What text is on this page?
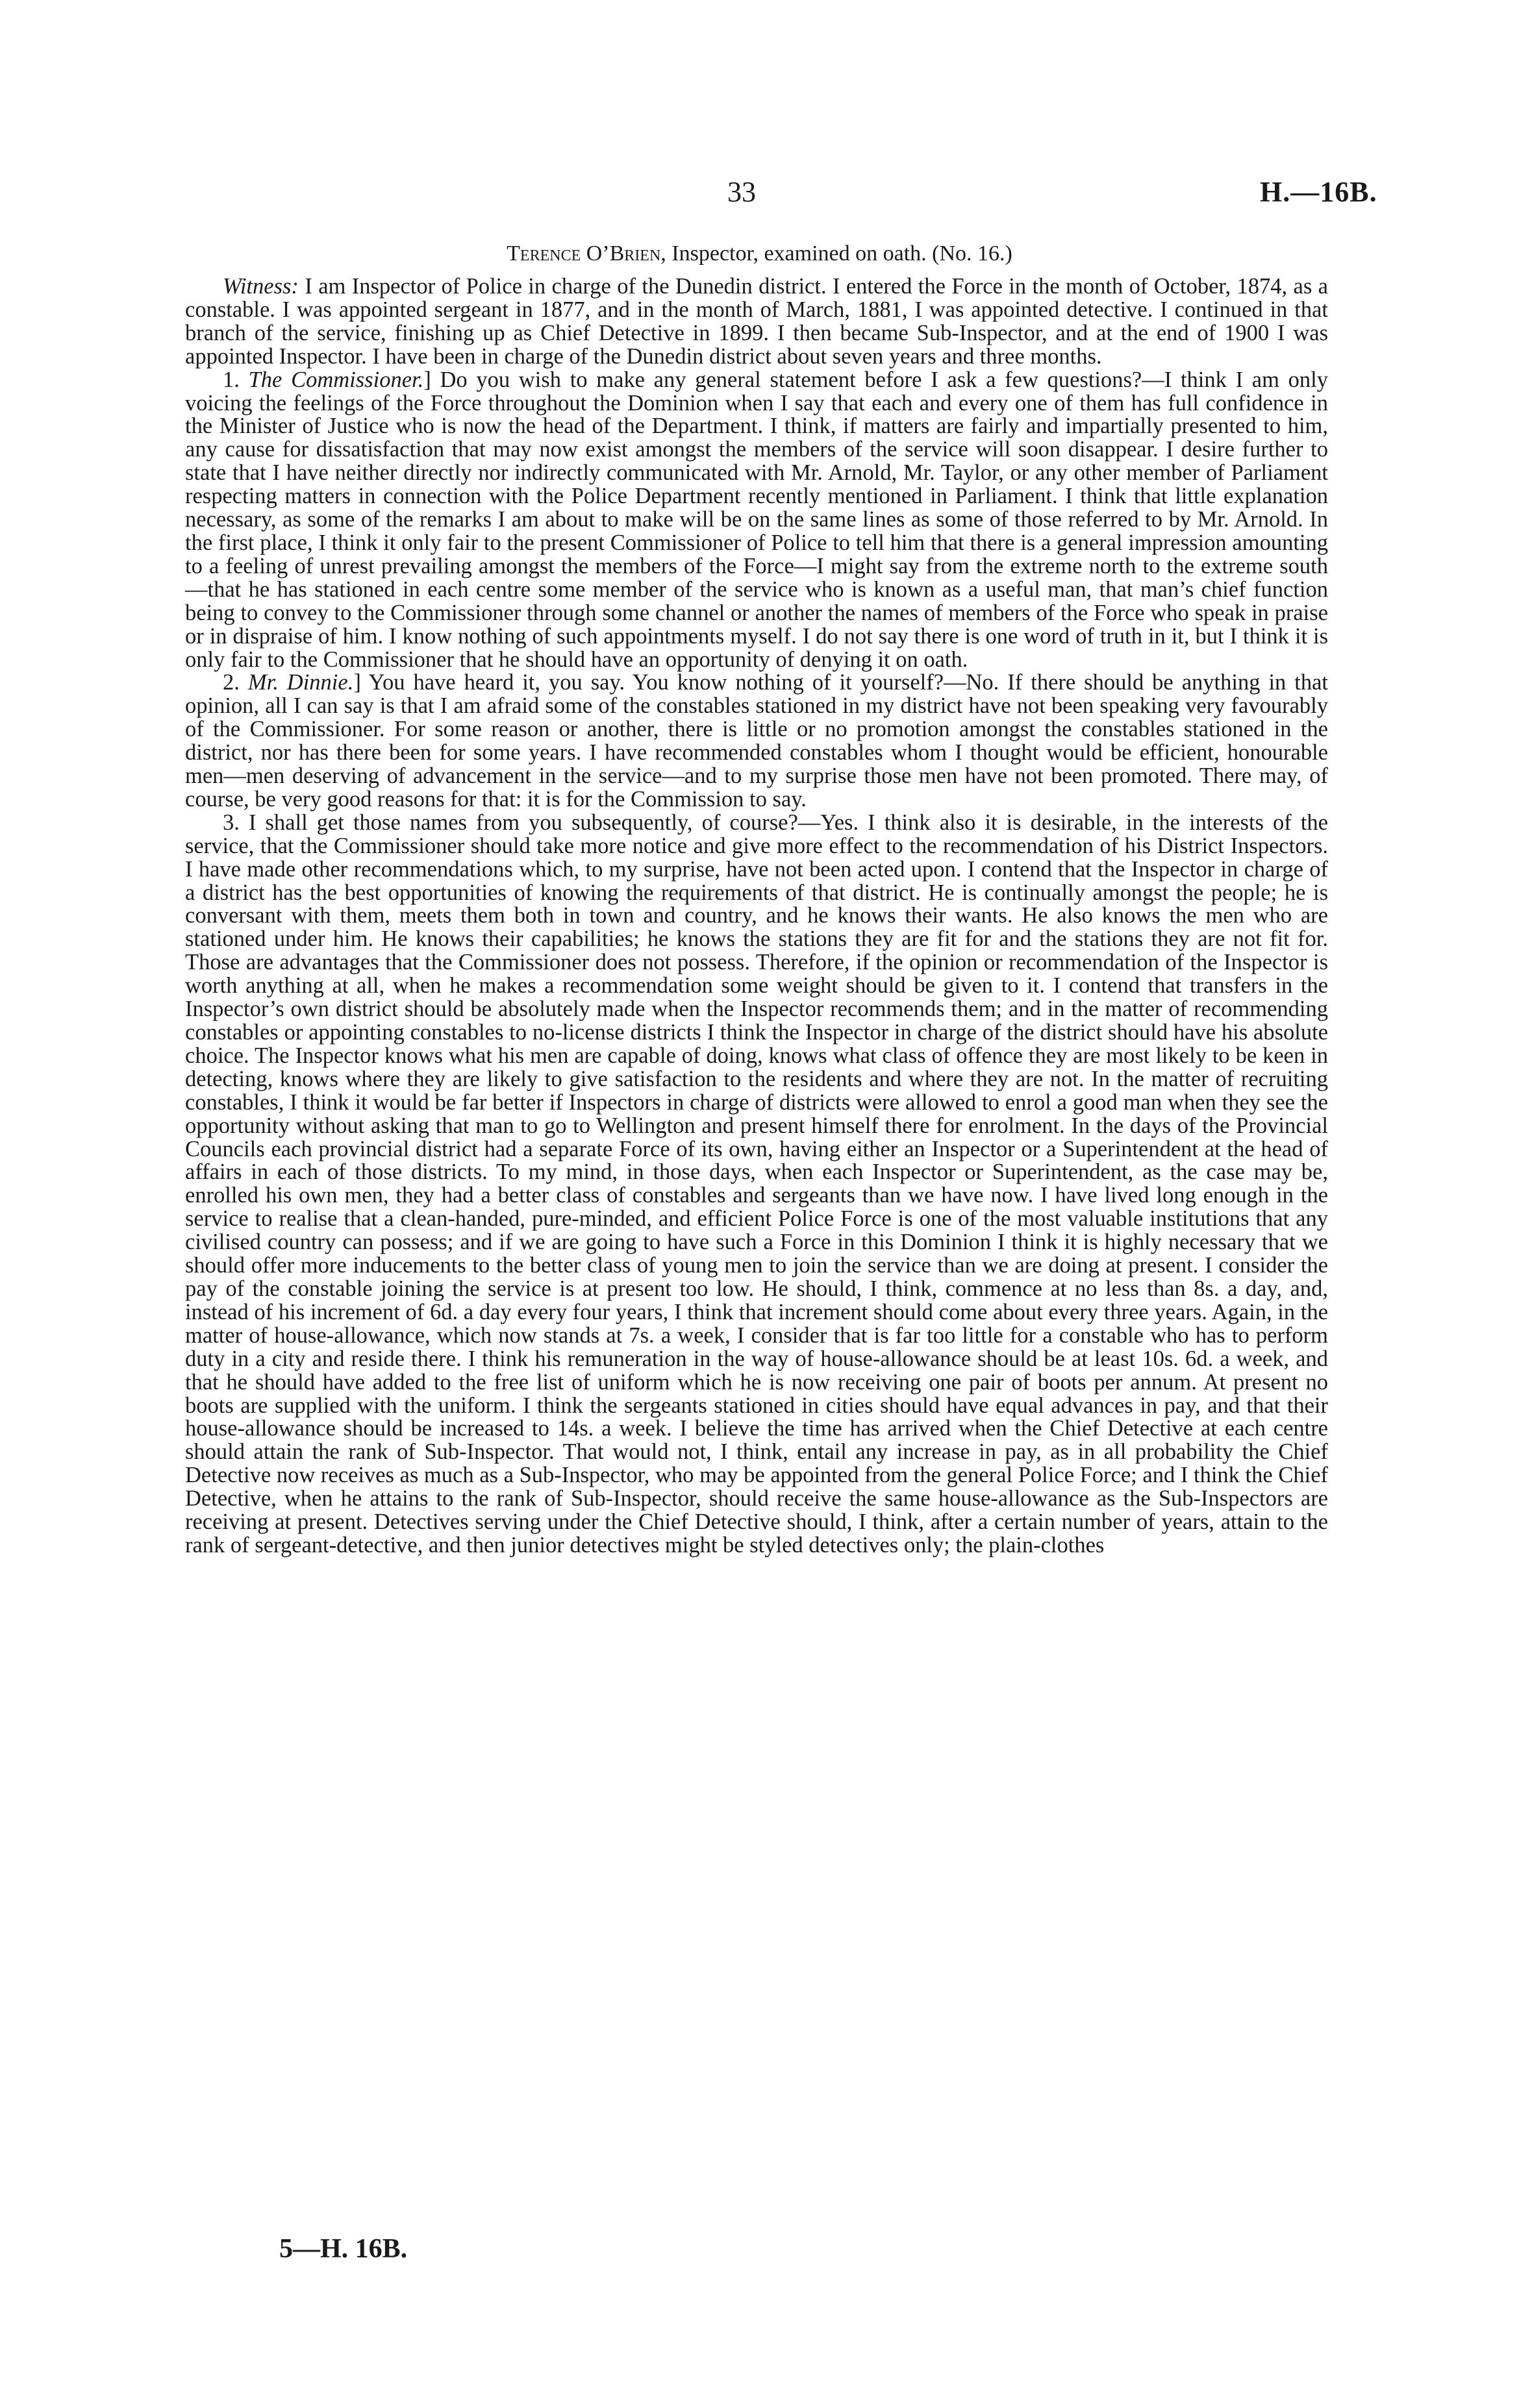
33	H.—16B.
Terence O’Brien, Inspector, examined on oath. (No. 16.)

Witness: I am Inspector of Police in charge of the Dunedin district. I entered the Force in the month of October, 1874, as a constable. I was appointed sergeant in 1877, and in the month of March, 1881, I was appointed detective. I continued in that branch of the service, finishing up as Chief Detective in 1899. I then became Sub-Inspector, and at the end of 1900 I was appointed Inspector. I have been in charge of the Dunedin district about seven years and three months.

1. The Commissioner.] Do you wish to make any general statement before I ask a few questions?—I think I am only voicing the feelings of the Force throughout the Dominion when I say that each and every one of them has full confidence in the Minister of Justice who is now the head of the Department. I think, if matters are fairly and impartially presented to him, any cause for dissatisfaction that may now exist amongst the members of the service will soon disappear. I desire further to state that I have neither directly nor indirectly communicated with Mr. Arnold, Mr. Taylor, or any other member of Parliament respecting matters in connection with the Police Department recently mentioned in Parliament. I think that little explanation necessary, as some of the remarks I am about to make will be on the same lines as some of those referred to by Mr. Arnold. In the first place, I think it only fair to the present Commissioner of Police to tell him that there is a general impression amounting to a feeling of unrest prevailing amongst the members of the Force—I might say from the extreme north to the extreme south—that he has stationed in each centre some member of the service who is known as a useful man, that man’s chief function being to convey to the Commissioner through some channel or another the names of members of the Force who speak in praise or in dispraise of him. I know nothing of such appointments myself. I do not say there is one word of truth in it, but I think it is only fair to the Commissioner that he should have an opportunity of denying it on oath.

2. Mr. Dinnie.] You have heard it, you say. You know nothing of it yourself?—No. If there should be anything in that opinion, all I can say is that I am afraid some of the constables stationed in my district have not been speaking very favourably of the Commissioner. For some reason or another, there is little or no promotion amongst the constables stationed in the district, nor has there been for some years. I have recommended constables whom I thought would be efficient, honourable men—men deserving of advancement in the service—and to my surprise those men have not been promoted. There may, of course, be very good reasons for that: it is for the Commission to say.

3. I shall get those names from you subsequently, of course?—Yes. I think also it is desirable, in the interests of the service, that the Commissioner should take more notice and give more effect to the recommendation of his District Inspectors. I have made other recommendations which, to my surprise, have not been acted upon. I contend that the Inspector in charge of a district has the best opportunities of knowing the requirements of that district. He is continually amongst the people; he is conversant with them, meets them both in town and country, and he knows their wants. He also knows the men who are stationed under him. He knows their capabilities; he knows the stations they are fit for and the stations they are not fit for. Those are advantages that the Commissioner does not possess. Therefore, if the opinion or recommendation of the Inspector is worth anything at all, when he makes a recommendation some weight should be given to it. I contend that transfers in the Inspector’s own district should be absolutely made when the Inspector recommends them; and in the matter of recommending constables or appointing constables to no-license districts I think the Inspector in charge of the district should have his absolute choice. The Inspector knows what his men are capable of doing, knows what class of offence they are most likely to be keen in detecting, knows where they are likely to give satisfaction to the residents and where they are not. In the matter of recruiting constables, I think it would be far better if Inspectors in charge of districts were allowed to enrol a good man when they see the opportunity without asking that man to go to Wellington and present himself there for enrolment. In the days of the Provincial Councils each provincial district had a separate Force of its own, having either an Inspector or a Superintendent at the head of affairs in each of those districts. To my mind, in those days, when each Inspector or Superintendent, as the case may be, enrolled his own men, they had a better class of constables and sergeants than we have now. I have lived long enough in the service to realise that a clean-handed, pure-minded, and efficient Police Force is one of the most valuable institutions that any civilised country can possess; and if we are going to have such a Force in this Dominion I think it is highly necessary that we should offer more inducements to the better class of young men to join the service than we are doing at present. I consider the pay of the constable joining the service is at present too low. He should, I think, commence at no less than 8s. a day, and, instead of his increment of 6d. a day every four years, I think that increment should come about every three years. Again, in the matter of house-allowance, which now stands at 7s. a week, I consider that is far too little for a constable who has to perform duty in a city and reside there. I think his remuneration in the way of house-allowance should be at least 10s. 6d. a week, and that he should have added to the free list of uniform which he is now receiving one pair of boots per annum. At present no boots are supplied with the uniform. I think the sergeants stationed in cities should have equal advances in pay, and that their house-allowance should be increased to 14s. a week. I believe the time has arrived when the Chief Detective at each centre should attain the rank of Sub-Inspector. That would not, I think, entail any increase in pay, as in all probability the Chief Detective now receives as much as a Sub-Inspector, who may be appointed from the general Police Force; and I think the Chief Detective, when he attains to the rank of Sub-Inspector, should receive the same house-allowance as the Sub-Inspectors are receiving at present. Detectives serving under the Chief Detective should, I think, after a certain number of years, attain to the rank of sergeant-detective, and then junior detectives might be styled detectives only; the plain-clothes

5—H. 16B.
